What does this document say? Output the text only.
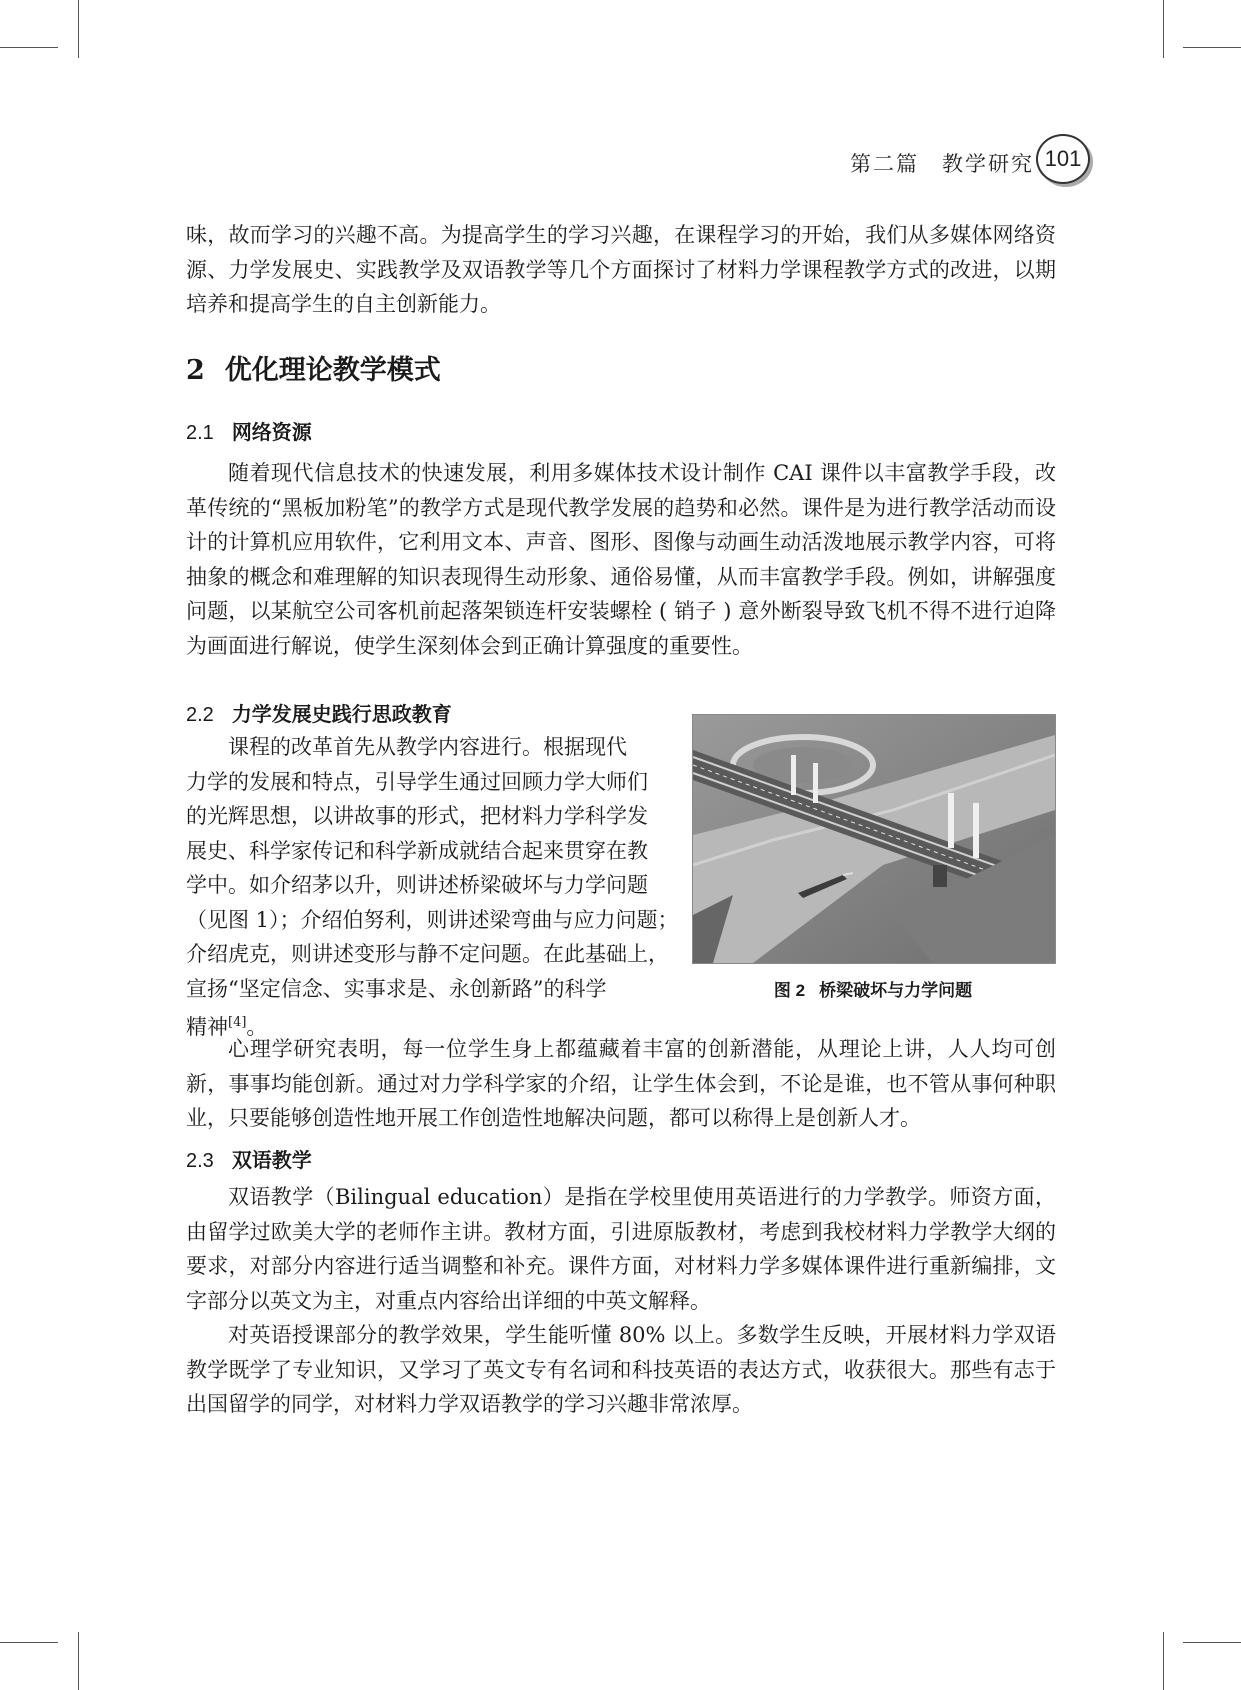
第二篇　教学研究 101

味，故而学习的兴趣不高。为提高学生的学习兴趣，在课程学习的开始，我们从多媒体网络资源、力学发展史、实践教学及双语教学等几个方面探讨了材料力学课程教学方式的改进，以期培养和提高学生的自主创新能力。

2 优化理论教学模式
2.1 网络资源

随着现代信息技术的快速发展，利用多媒体技术设计制作 CAI 课件以丰富教学手段，改革传统的“黑板加粉笔”的教学方式是现代教学发展的趋势和必然。课件是为进行教学活动而设计的计算机应用软件，它利用文本、声音、图形、图像与动画生动活泼地展示教学内容，可将抽象的概念和难理解的知识表现得生动形象、通俗易懂，从而丰富教学手段。例如，讲解强度问题，以某航空公司客机前起落架锁连杆安装螺栓 ( 销子 ) 意外断裂导致飞机不得不进行迫降为画面进行解说，使学生深刻体会到正确计算强度的重要性。

2.2 力学发展史践行思政教育
课程的改革首先从教学内容进行。根据现代
力学的发展和特点，引导学生通过回顾力学大师们
的光辉思想，以讲故事的形式，把材料力学科学发
展史、科学家传记和科学新成就结合起来贯穿在教
学中。如介绍茅以升，则讲述桥梁破坏与力学问题
（见图 1）；介绍伯努利，则讲述梁弯曲与应力问题；
介绍虎克，则讲述变形与静不定问题。在此基础上，
宣扬“坚定信念、实事求是、永创新路”的科学
精神[4]。
图 2 桥梁破坏与力学问题

心理学研究表明，每一位学生身上都蕴藏着丰富的创新潜能，从理论上讲，人人均可创新，事事均能创新。通过对力学科学家的介绍，让学生体会到，不论是谁，也不管从事何种职业，只要能够创造性地开展工作创造性地解决问题，都可以称得上是创新人才。

2.3 双语教学

双语教学（Bilingual education）是指在学校里使用英语进行的力学教学。师资方面，由留学过欧美大学的老师作主讲。教材方面，引进原版教材，考虑到我校材料力学教学大纲的要求，对部分内容进行适当调整和补充。课件方面，对材料力学多媒体课件进行重新编排，文字部分以英文为主，对重点内容给出详细的中英文解释。

对英语授课部分的教学效果，学生能听懂 80% 以上。多数学生反映，开展材料力学双语教学既学了专业知识，又学习了英文专有名词和科技英语的表达方式，收获很大。那些有志于出国留学的同学，对材料力学双语教学的学习兴趣非常浓厚。
